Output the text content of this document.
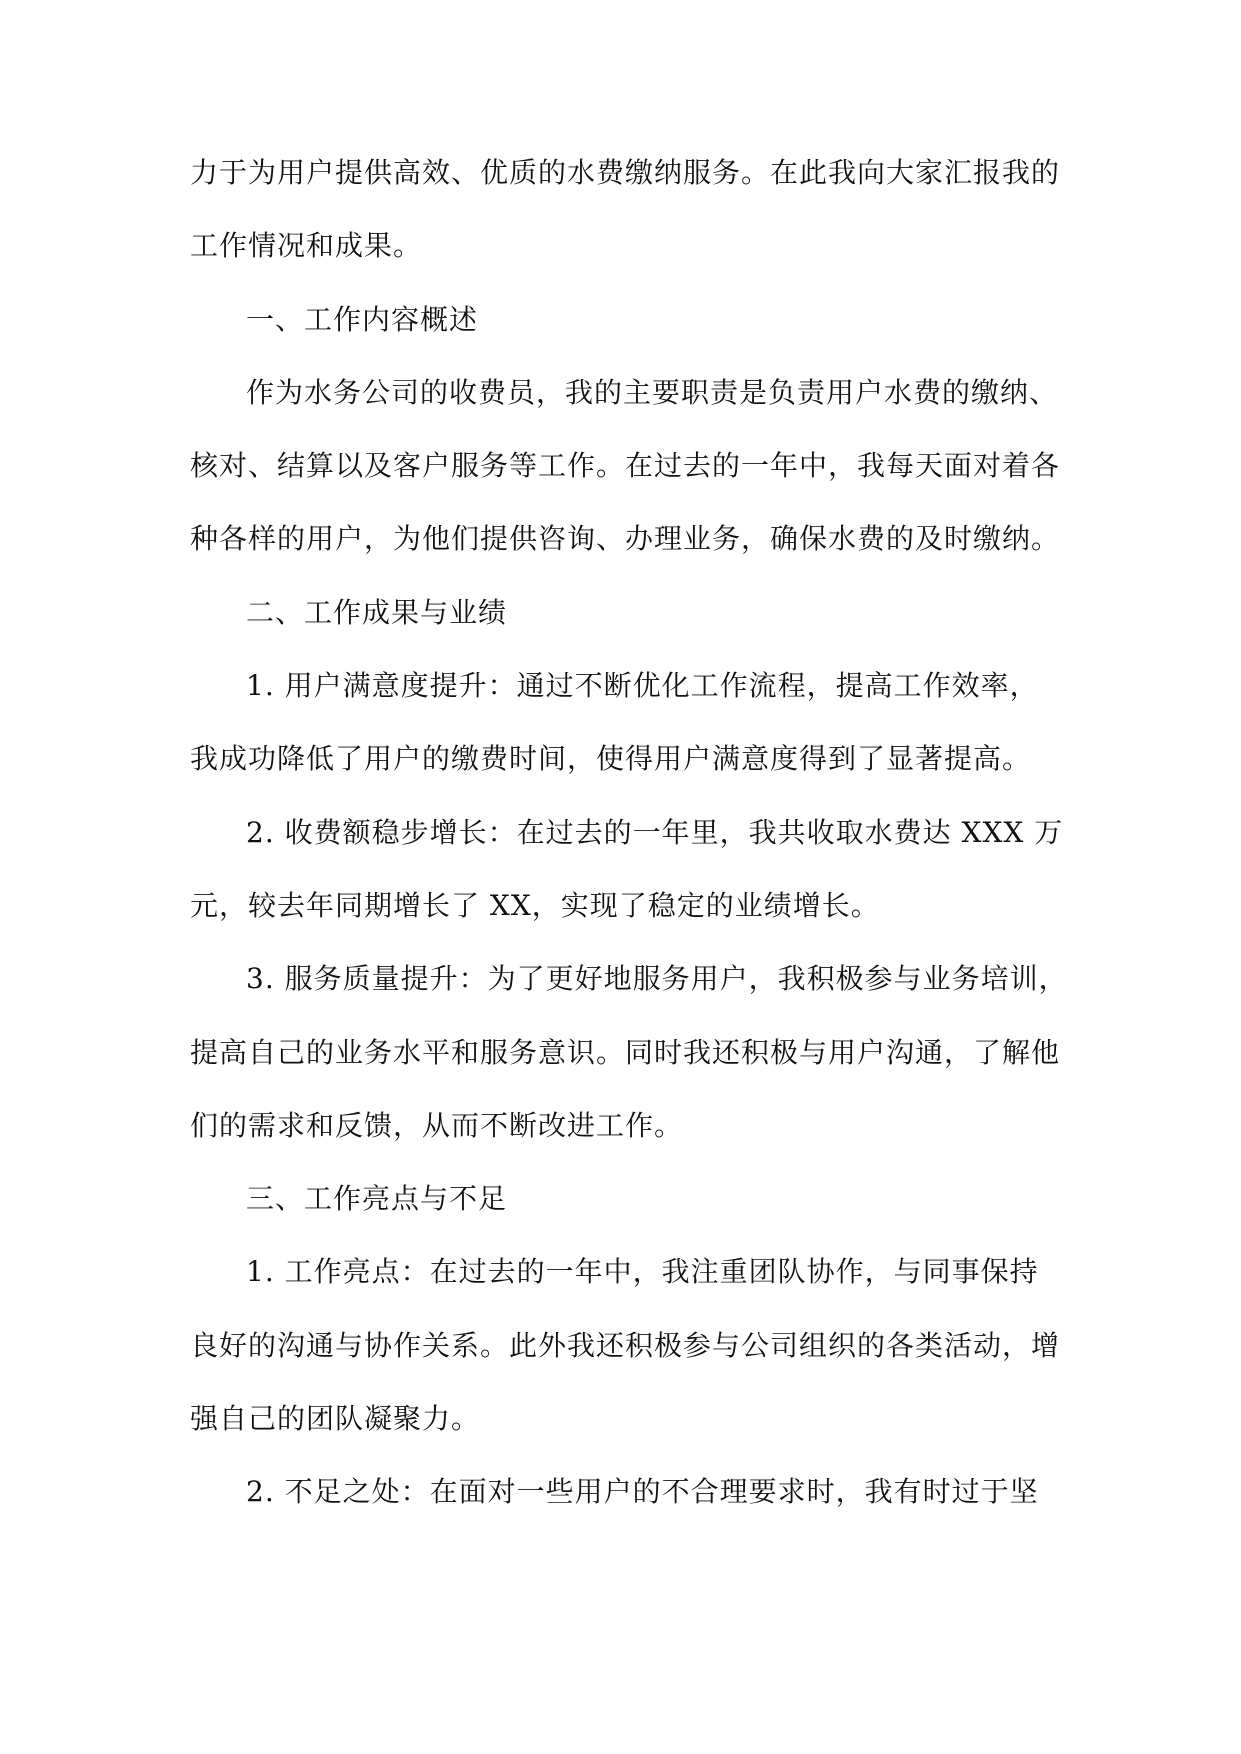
力于为用户提供高效、优质的水费缴纳服务。在此我向大家汇报我的
工作情况和成果。
一、工作内容概述
作为水务公司的收费员，我的主要职责是负责用户水费的缴纳、
核对、结算以及客户服务等工作。在过去的一年中，我每天面对着各
种各样的用户，为他们提供咨询、办理业务，确保水费的及时缴纳。
二、工作成果与业绩
1. 用户满意度提升：通过不断优化工作流程，提高工作效率，
我成功降低了用户的缴费时间，使得用户满意度得到了显著提高。
2. 收费额稳步增长：在过去的一年里，我共收取水费达 XXX 万
元，较去年同期增长了 XX，实现了稳定的业绩增长。
3. 服务质量提升：为了更好地服务用户，我积极参与业务培训，
提高自己的业务水平和服务意识。同时我还积极与用户沟通，了解他
们的需求和反馈，从而不断改进工作。
三、工作亮点与不足
1. 工作亮点：在过去的一年中，我注重团队协作，与同事保持
良好的沟通与协作关系。此外我还积极参与公司组织的各类活动，增
强自己的团队凝聚力。
2. 不足之处：在面对一些用户的不合理要求时，我有时过于坚
